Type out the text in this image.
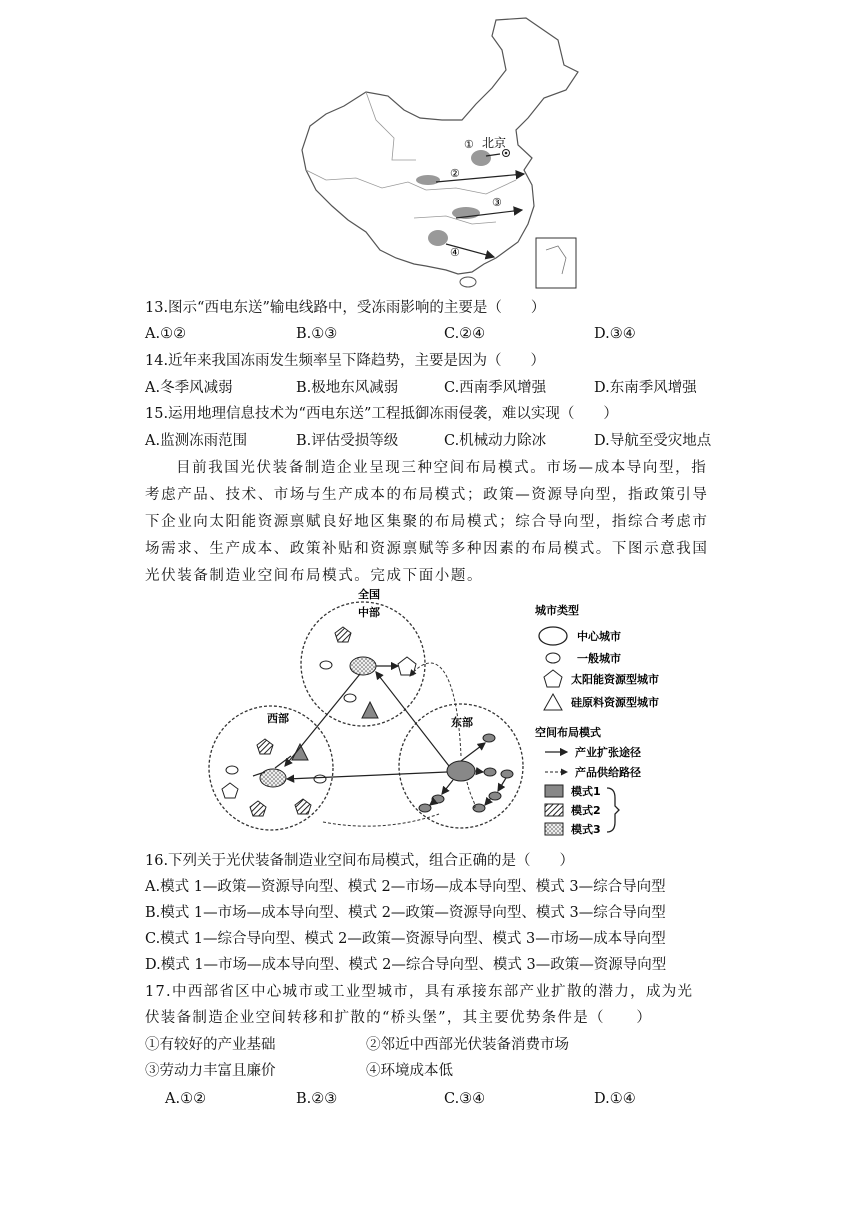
北京
①
②
③
④
13.图示“西电东送”输电线路中，受冻雨影响的主要是（　　）
A.①②	B.①③	C.②④	D.③④
14.近年来我国冻雨发生频率呈下降趋势，主要是因为（　　）
A.冬季风减弱	B.极地东风减弱	C.西南季风增强	D.东南季风增强
15.运用地理信息技术为“西电东送”工程抵御冻雨侵袭，难以实现（　　）
A.监测冻雨范围	B.评估受损等级	C.机械动力除冰	D.导航至受灾地点
目前我国光伏装备制造企业呈现三种空间布局模式。市场—成本导向型，指
考虑产品、技术、市场与生产成本的布局模式；政策—资源导向型，指政策引导
下企业向太阳能资源禀赋良好地区集聚的布局模式；综合导向型，指综合考虑市
场需求、生产成本、政策补贴和资源禀赋等多种因素的布局模式。下图示意我国
光伏装备制造业空间布局模式。完成下面小题。
全国
中部
西部	东部
城市类型
中心城市
一般城市
太阳能资源型城市
硅原料资源型城市
空间布局模式
产业扩张途径
产品供给路径
模式1
模式2
模式3
16.下列关于光伏装备制造业空间布局模式，组合正确的是（　　）
A.模式 1—政策—资源导向型、模式 2—市场—成本导向型、模式 3—综合导向型
B.模式 1—市场—成本导向型、模式 2—政策—资源导向型、模式 3—综合导向型
C.模式 1—综合导向型、模式 2—政策—资源导向型、模式 3—市场—成本导向型
D.模式 1—市场—成本导向型、模式 2—综合导向型、模式 3—政策—资源导向型
17.中西部省区中心城市或工业型城市，具有承接东部产业扩散的潜力，成为光
伏装备制造企业空间转移和扩散的“桥头堡”，其主要优势条件是（　　）
①有较好的产业基础	②邻近中西部光伏装备消费市场
③劳动力丰富且廉价	④环境成本低
A.①②	B.②③	C.③④	D.①④
